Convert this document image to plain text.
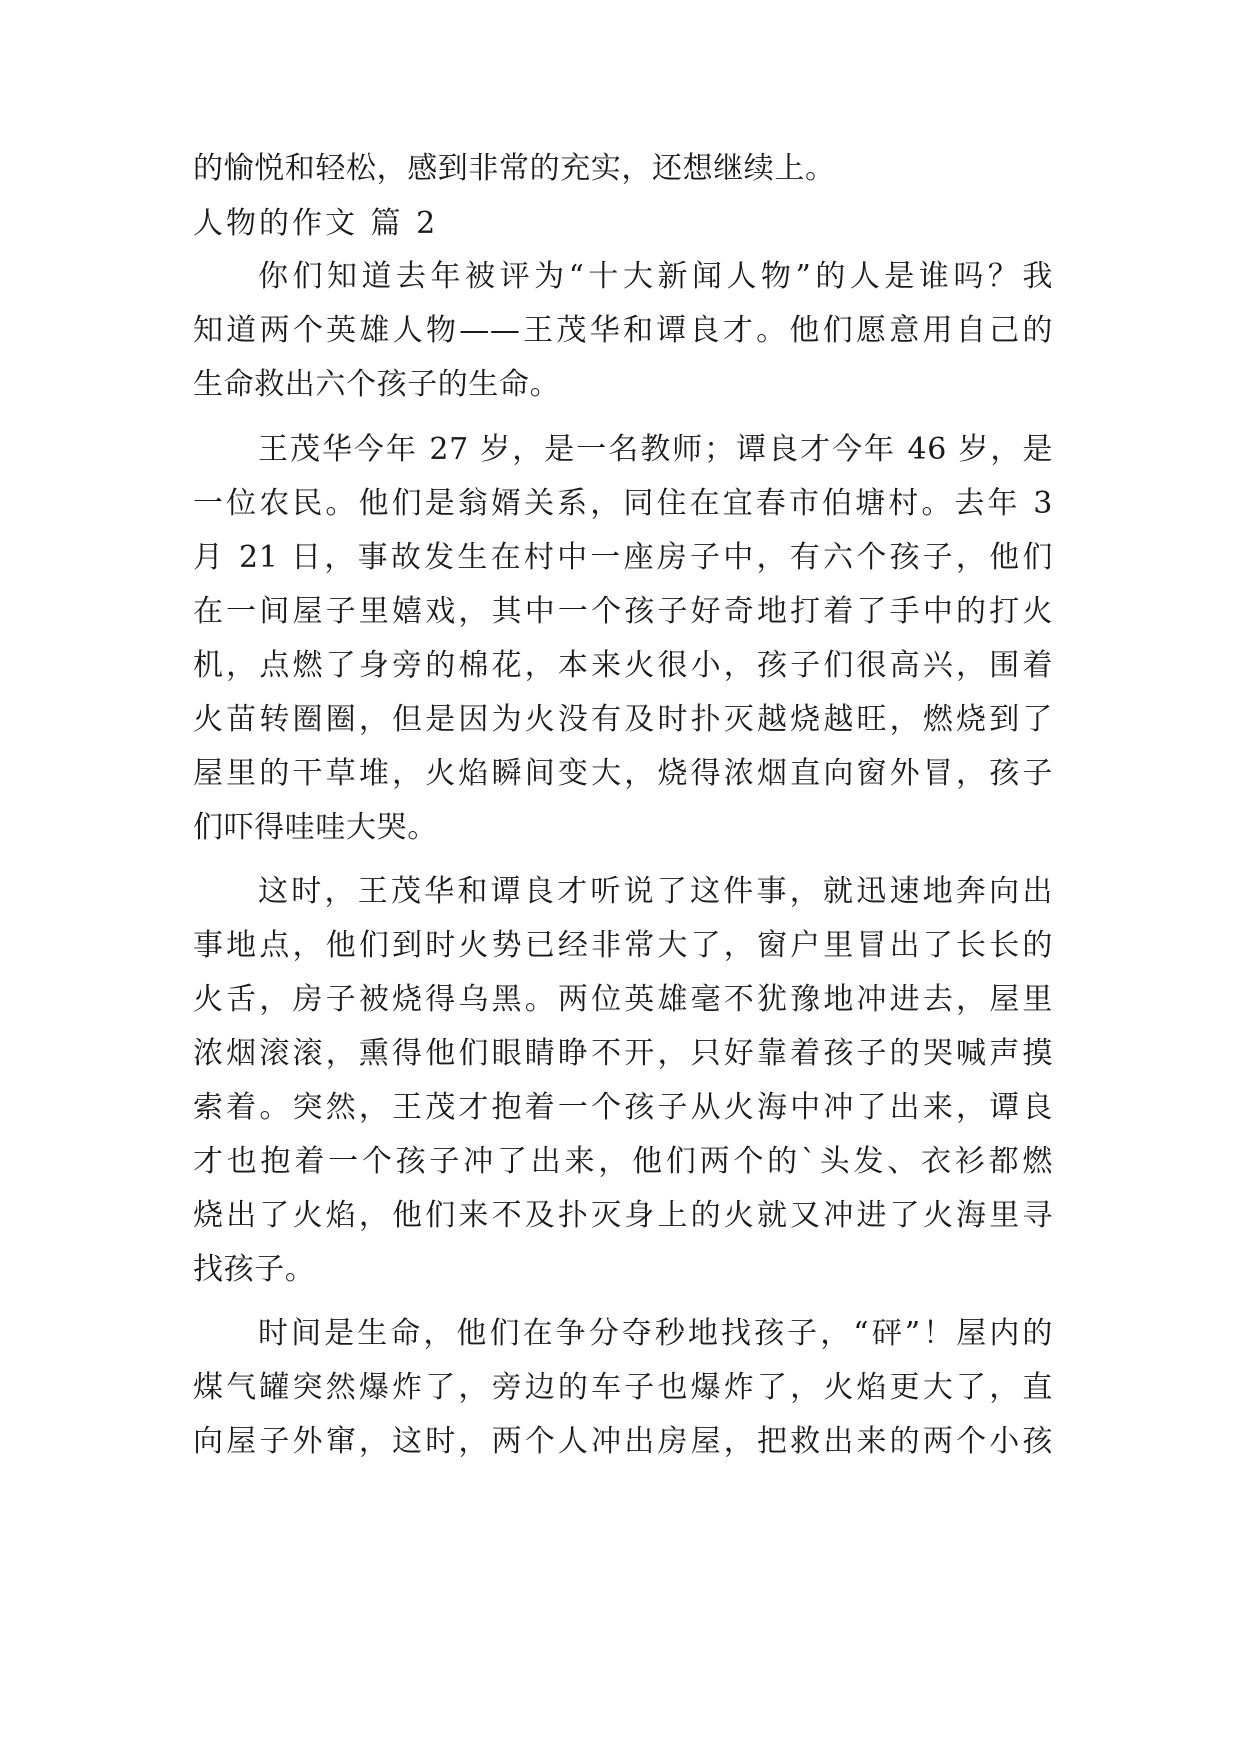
的愉悦和轻松，感到非常的充实，还想继续上。
人物的作文 篇 2
你们知道去年被评为“十大新闻人物”的人是谁吗？我
知道两个英雄人物——王茂华和谭良才。他们愿意用自己的
生命救出六个孩子的生命。
王茂华今年 27 岁，是一名教师；谭良才今年 46 岁，是
一位农民。他们是翁婿关系，同住在宜春市伯塘村。去年 3
月 21 日，事故发生在村中一座房子中，有六个孩子，他们
在一间屋子里嬉戏，其中一个孩子好奇地打着了手中的打火
机，点燃了身旁的棉花，本来火很小，孩子们很高兴，围着
火苗转圈圈，但是因为火没有及时扑灭越烧越旺，燃烧到了
屋里的干草堆，火焰瞬间变大，烧得浓烟直向窗外冒，孩子
们吓得哇哇大哭。
这时，王茂华和谭良才听说了这件事，就迅速地奔向出
事地点，他们到时火势已经非常大了，窗户里冒出了长长的
火舌，房子被烧得乌黑。两位英雄毫不犹豫地冲进去，屋里
浓烟滚滚，熏得他们眼睛睁不开，只好靠着孩子的哭喊声摸
索着。突然，王茂才抱着一个孩子从火海中冲了出来，谭良
才也抱着一个孩子冲了出来，他们两个的`头发、衣衫都燃
烧出了火焰，他们来不及扑灭身上的火就又冲进了火海里寻
找孩子。
时间是生命，他们在争分夺秒地找孩子，“砰”！屋内的
煤气罐突然爆炸了，旁边的车子也爆炸了，火焰更大了，直
向屋子外窜，这时，两个人冲出房屋，把救出来的两个小孩
